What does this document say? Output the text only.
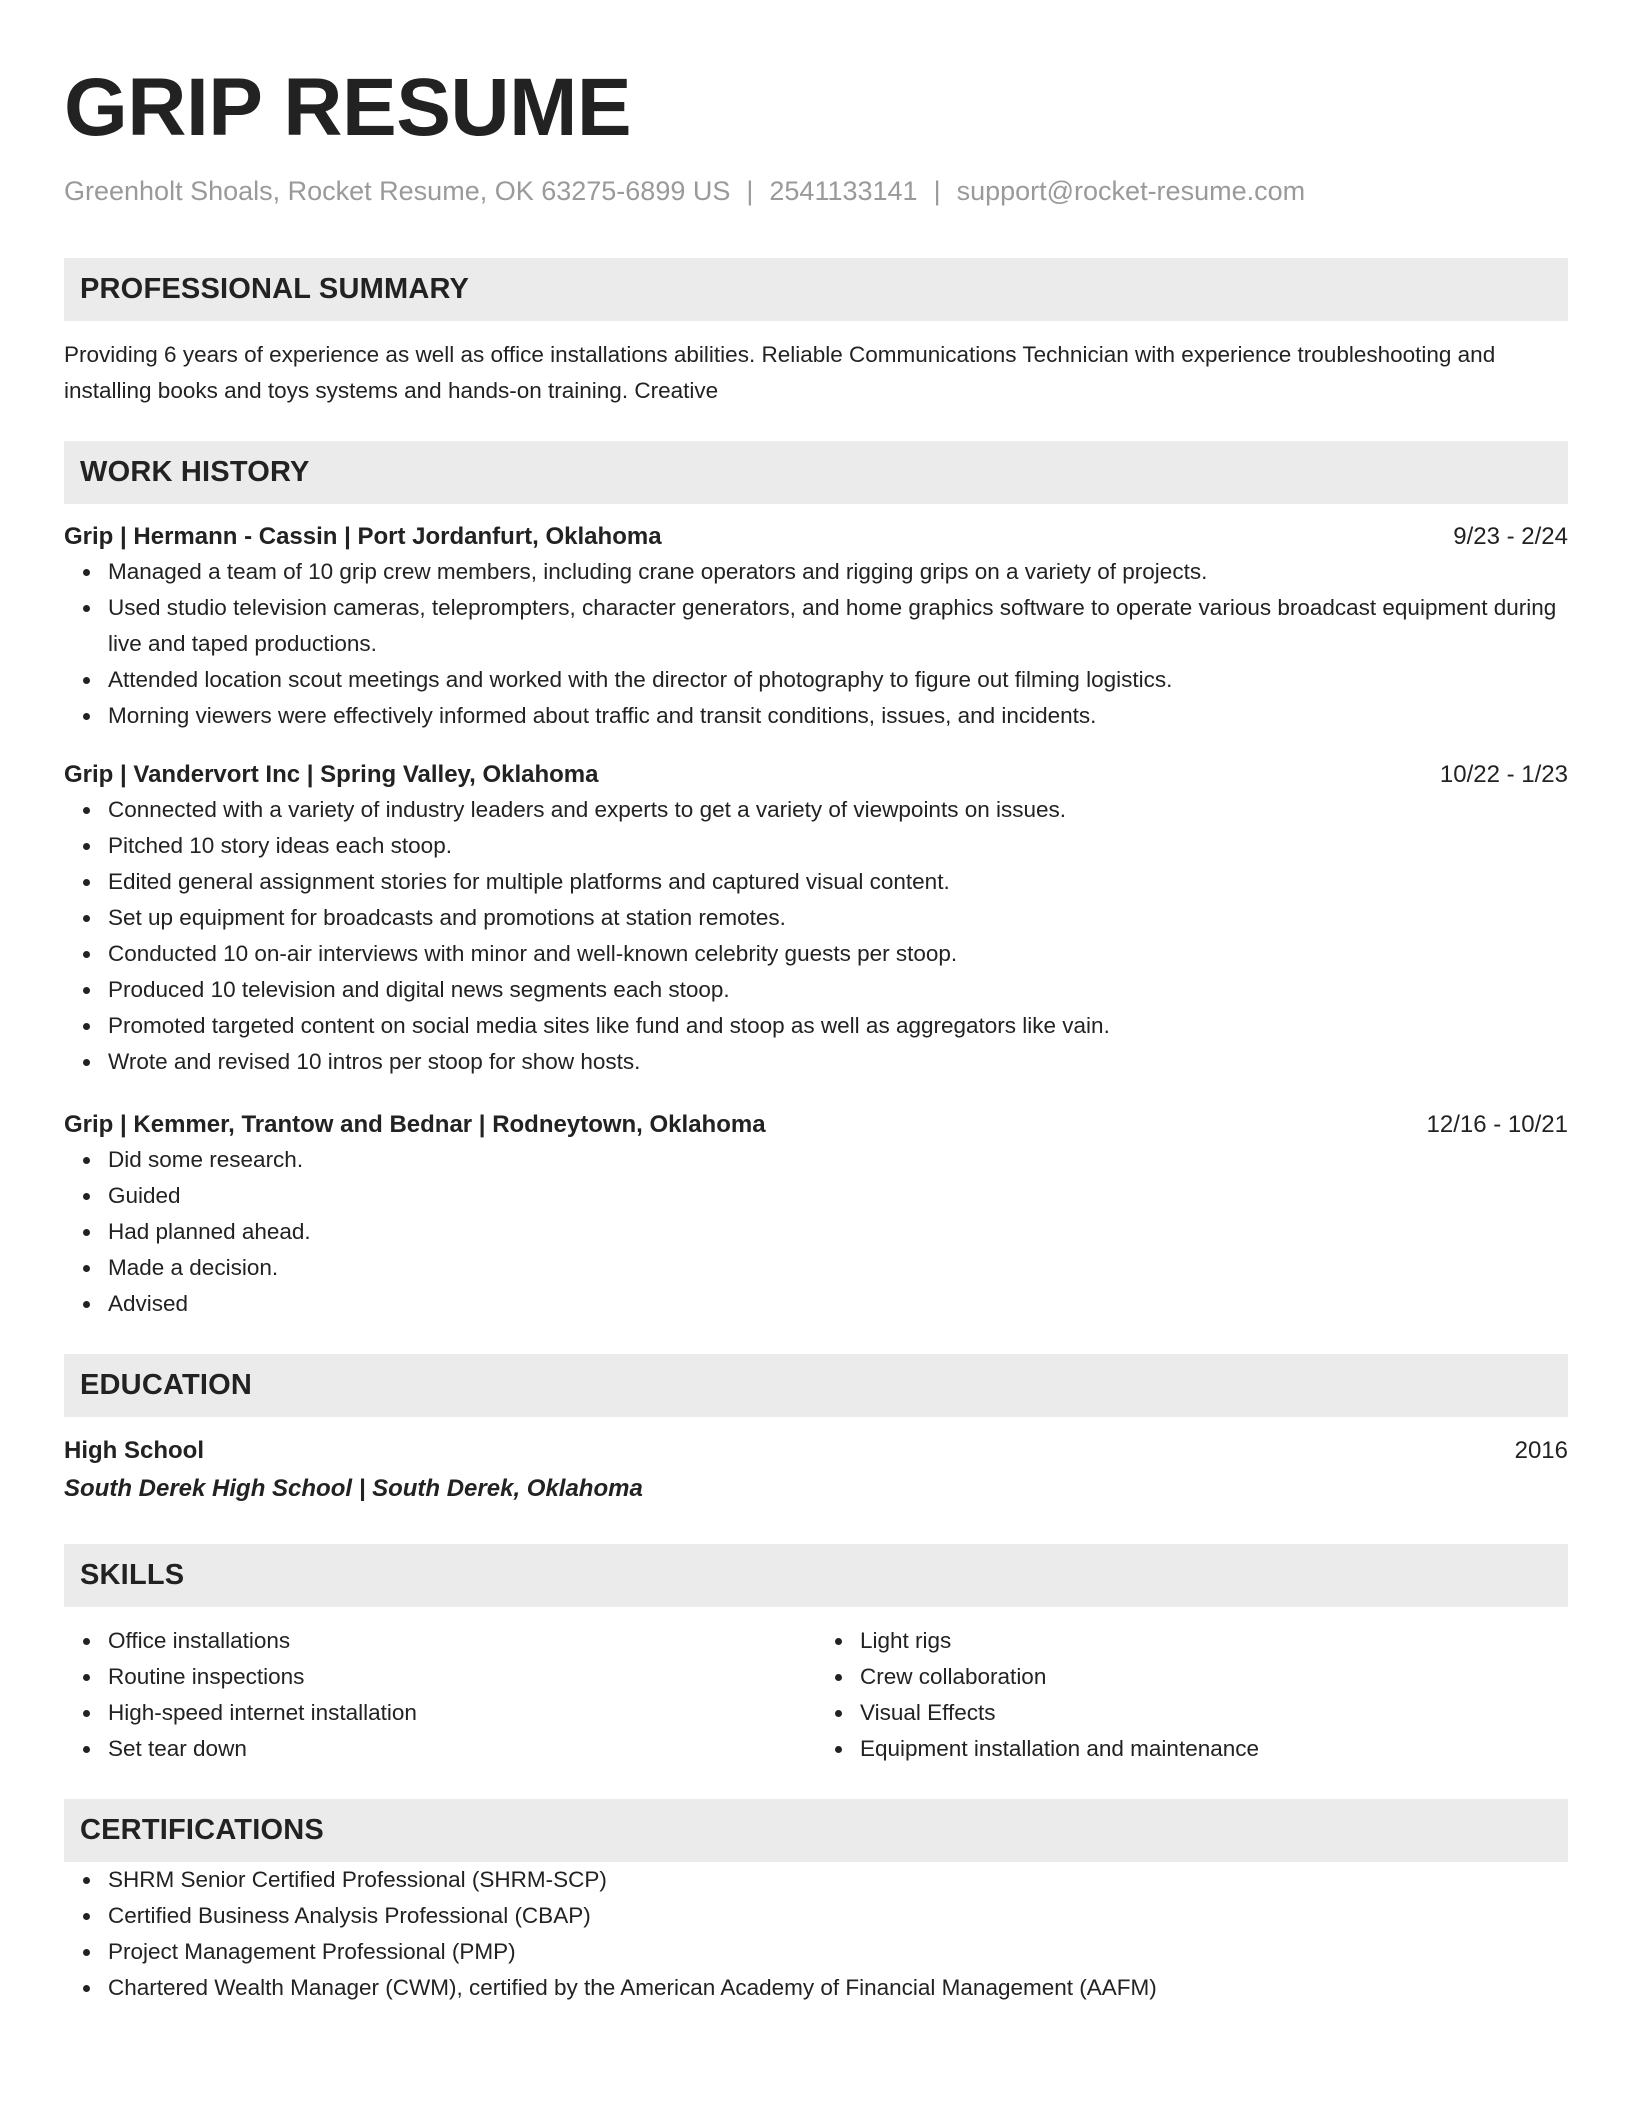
GRIP RESUME
Greenholt Shoals, Rocket Resume, OK 63275-6899 US | 2541133141 | support@rocket-resume.com
PROFESSIONAL SUMMARY
Providing 6 years of experience as well as office installations abilities. Reliable Communications Technician with experience troubleshooting and installing books and toys systems and hands-on training. Creative
WORK HISTORY
Grip | Hermann - Cassin | Port Jordanfurt, Oklahoma	9/23 - 2/24
Managed a team of 10 grip crew members, including crane operators and rigging grips on a variety of projects.
Used studio television cameras, teleprompters, character generators, and home graphics software to operate various broadcast equipment during live and taped productions.
Attended location scout meetings and worked with the director of photography to figure out filming logistics.
Morning viewers were effectively informed about traffic and transit conditions, issues, and incidents.
Grip | Vandervort Inc | Spring Valley, Oklahoma	10/22 - 1/23
Connected with a variety of industry leaders and experts to get a variety of viewpoints on issues.
Pitched 10 story ideas each stoop.
Edited general assignment stories for multiple platforms and captured visual content.
Set up equipment for broadcasts and promotions at station remotes.
Conducted 10 on-air interviews with minor and well-known celebrity guests per stoop.
Produced 10 television and digital news segments each stoop.
Promoted targeted content on social media sites like fund and stoop as well as aggregators like vain.
Wrote and revised 10 intros per stoop for show hosts.
Grip | Kemmer, Trantow and Bednar | Rodneytown, Oklahoma	12/16 - 10/21
Did some research.
Guided
Had planned ahead.
Made a decision.
Advised
EDUCATION
High School	2016
South Derek High School | South Derek, Oklahoma
SKILLS
Office installations
Routine inspections
High-speed internet installation
Set tear down
Light rigs
Crew collaboration
Visual Effects
Equipment installation and maintenance
CERTIFICATIONS
SHRM Senior Certified Professional (SHRM-SCP)
Certified Business Analysis Professional (CBAP)
Project Management Professional (PMP)
Chartered Wealth Manager (CWM), certified by the American Academy of Financial Management (AAFM)
